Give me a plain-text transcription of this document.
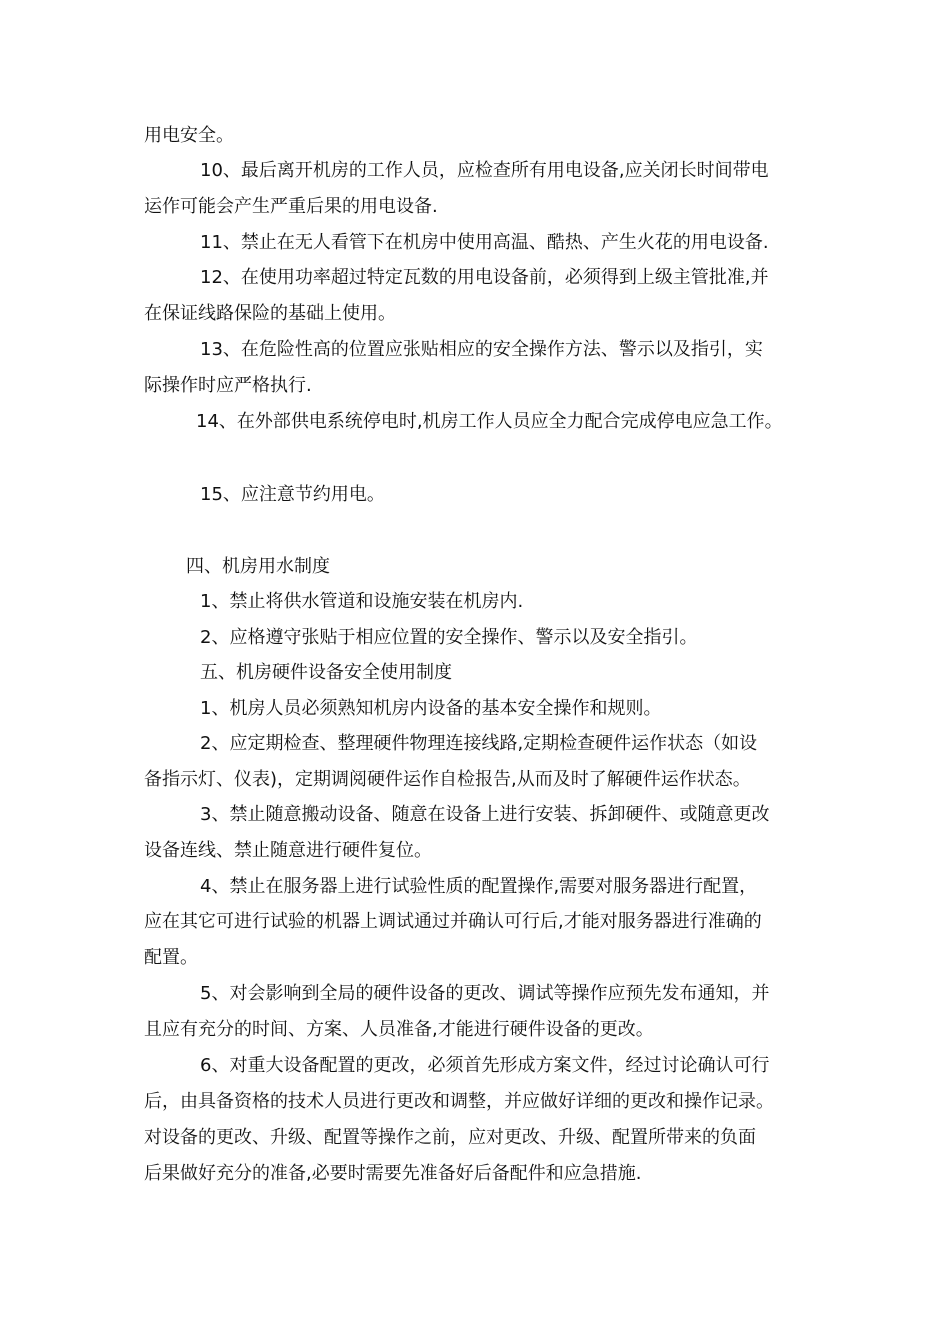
用电安全。

10、最后离开机房的工作人员，应检查所有用电设备,应关闭长时间带电

运作可能会产生严重后果的用电设备.

11、禁止在无人看管下在机房中使用高温、酷热、产生火花的用电设备.

12、在使用功率超过特定瓦数的用电设备前，必须得到上级主管批准,并

在保证线路保险的基础上使用。

13、在危险性高的位置应张贴相应的安全操作方法、警示以及指引，实

际操作时应严格执行.

14、在外部供电系统停电时,机房工作人员应全力配合完成停电应急工作。

15、应注意节约用电。

四、机房用水制度

1、禁止将供水管道和设施安装在机房内.

2、应格遵守张贴于相应位置的安全操作、警示以及安全指引。

五、机房硬件设备安全使用制度

1、机房人员必须熟知机房内设备的基本安全操作和规则。

2、应定期检查、整理硬件物理连接线路,定期检查硬件运作状态（如设

备指示灯、仪表)，定期调阅硬件运作自检报告,从而及时了解硬件运作状态。

3、禁止随意搬动设备、随意在设备上进行安装、拆卸硬件、或随意更改

设备连线、禁止随意进行硬件复位。

4、禁止在服务器上进行试验性质的配置操作,需要对服务器进行配置，

应在其它可进行试验的机器上调试通过并确认可行后,才能对服务器进行准确的

配置。

5、对会影响到全局的硬件设备的更改、调试等操作应预先发布通知，并

且应有充分的时间、方案、人员准备,才能进行硬件设备的更改。

6、对重大设备配置的更改，必须首先形成方案文件，经过讨论确认可行

后，由具备资格的技术人员进行更改和调整，并应做好详细的更改和操作记录。

对设备的更改、升级、配置等操作之前，应对更改、升级、配置所带来的负面

后果做好充分的准备,必要时需要先准备好后备配件和应急措施.
